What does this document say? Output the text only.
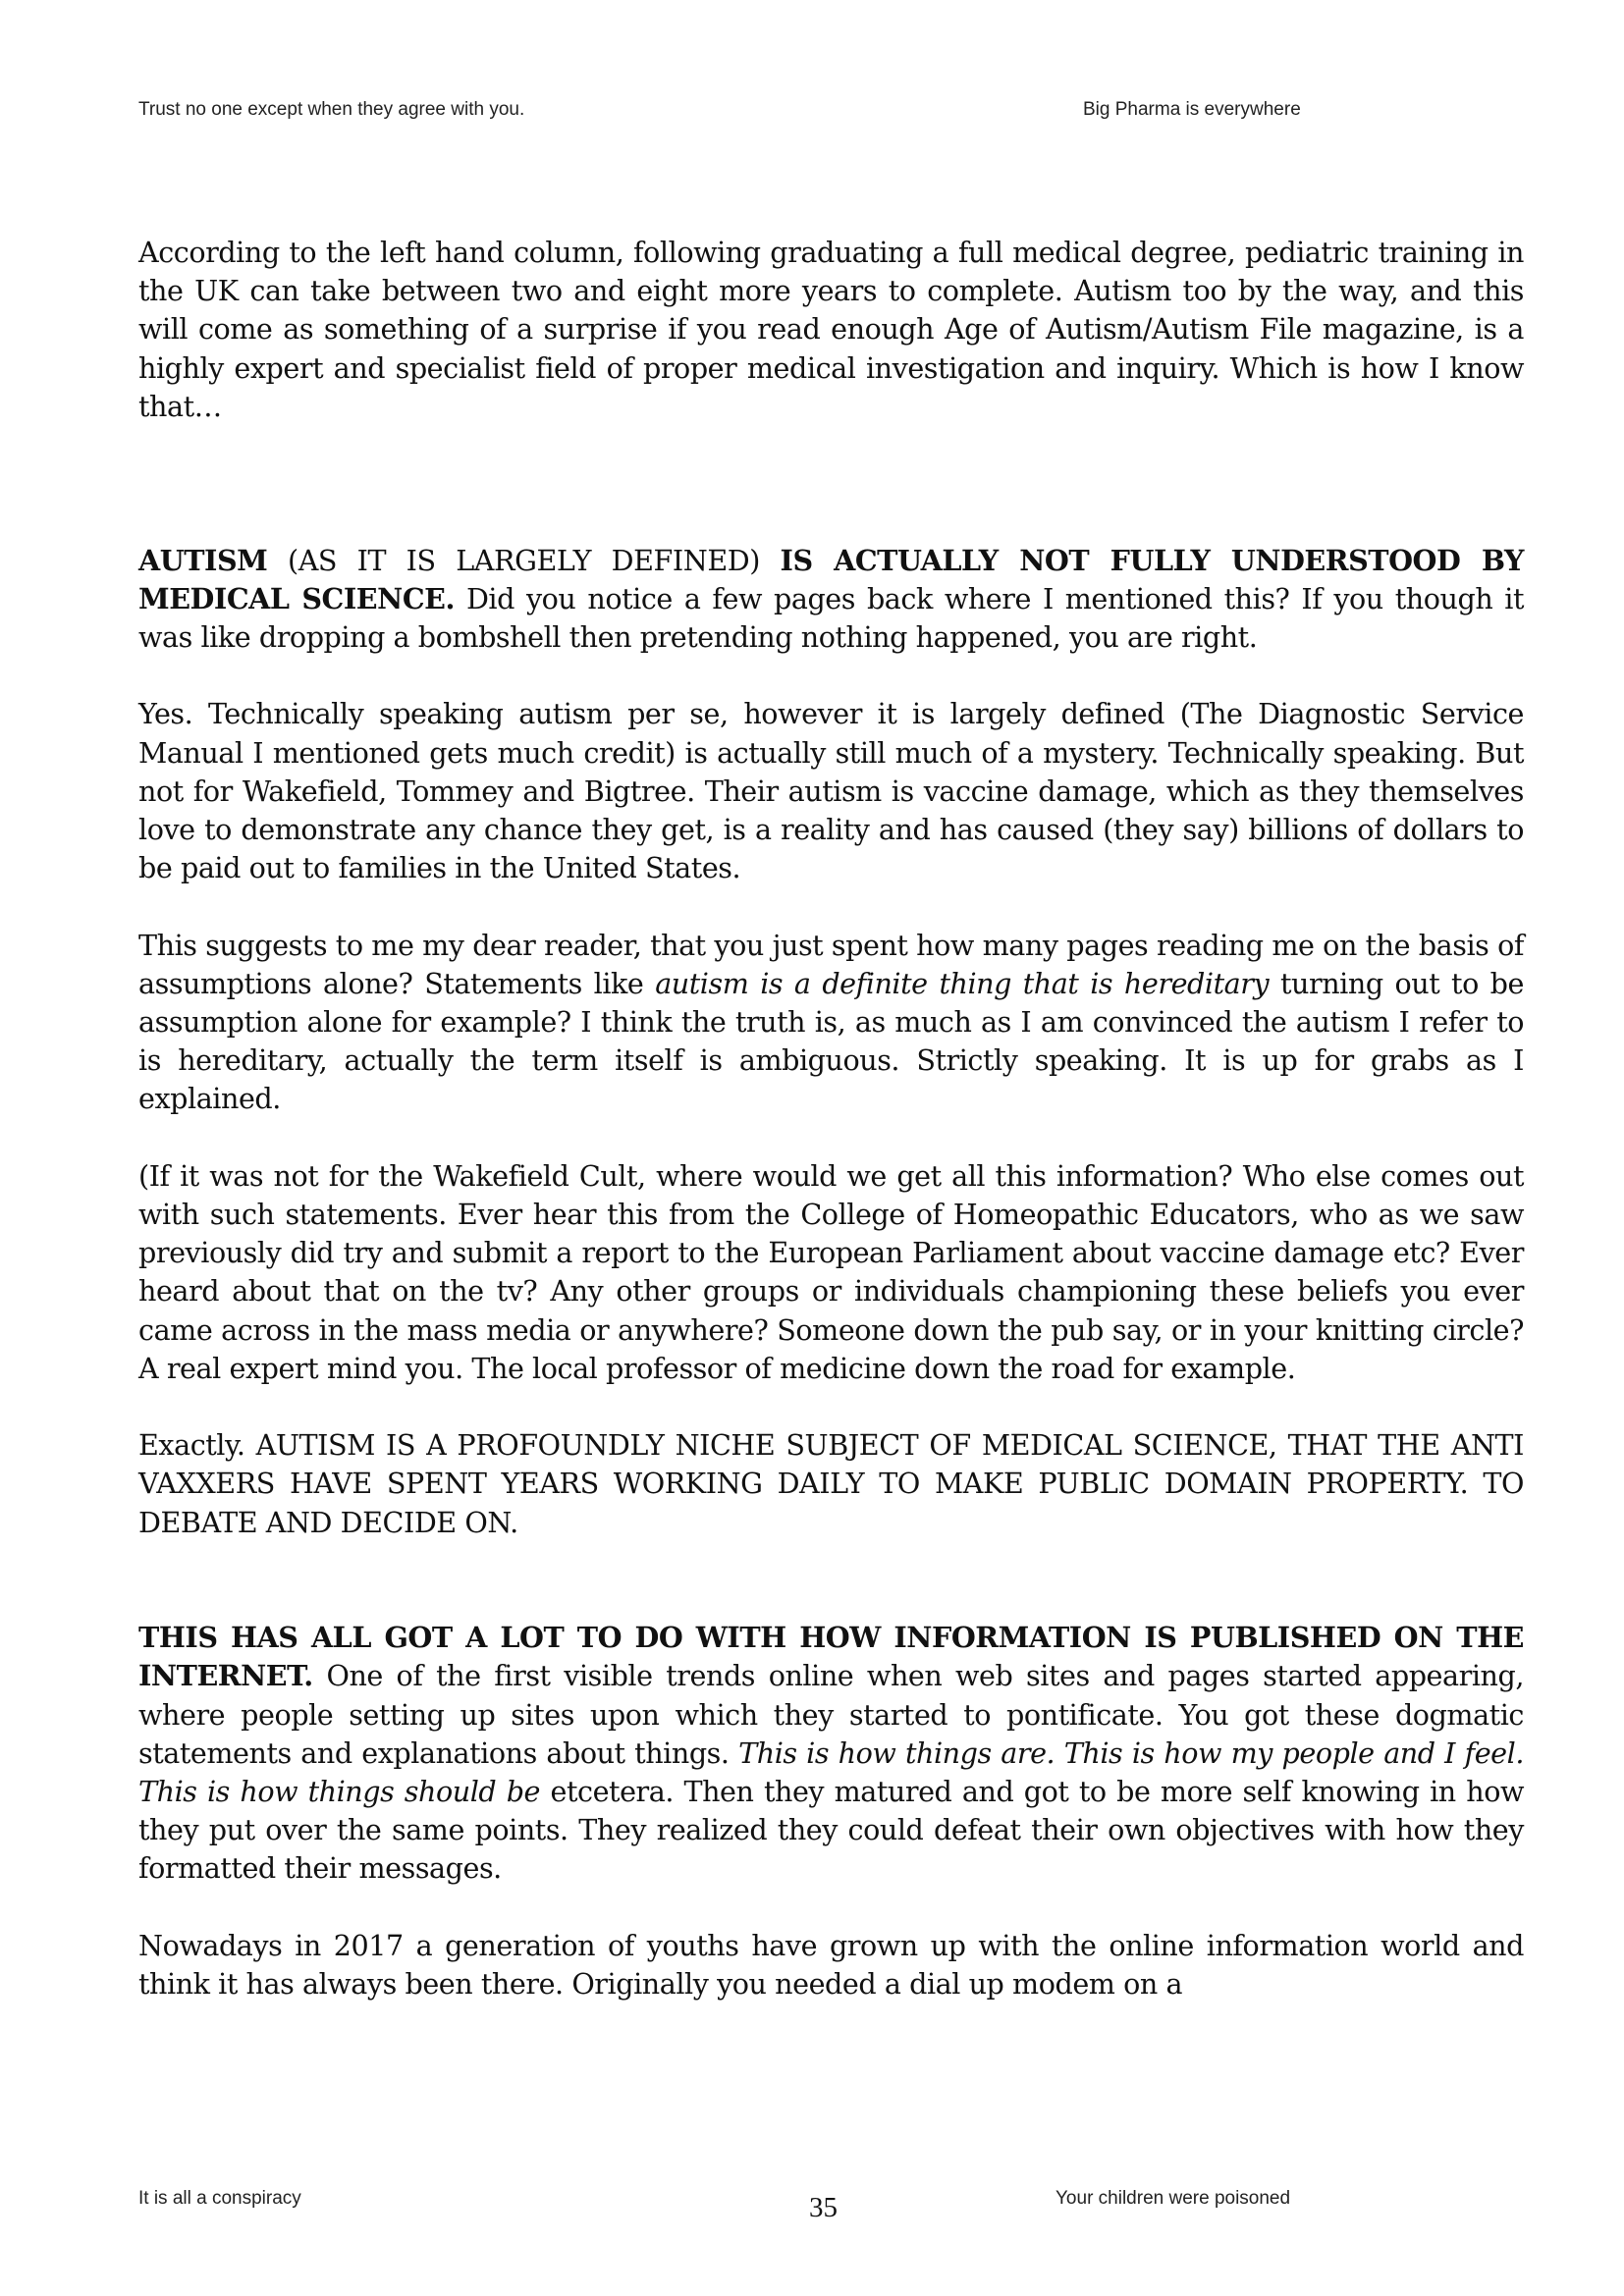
Trust no one except when they agree with you.	Big Pharma is everywhere

According to the left hand column, following graduating a full medical degree, pediatric training in the UK can take between two and eight more years to complete. Autism too by the way, and this will come as something of a surprise if you read enough Age of Autism/Autism File magazine, is a highly expert and specialist field of proper medical investigation and inquiry. Which is how I know that…

AUTISM (AS IT IS LARGELY DEFINED) IS ACTUALLY NOT FULLY UNDERSTOOD BY MEDICAL SCIENCE. Did you notice a few pages back where I mentioned this? If you though it was like dropping a bombshell then pretending nothing happened, you are right.

Yes. Technically speaking autism per se, however it is largely defined (The Diagnostic Service Manual I mentioned gets much credit) is actually still much of a mystery. Technically speaking. But not for Wakefield, Tommey and Bigtree. Their autism is vaccine damage, which as they themselves love to demonstrate any chance they get, is a reality and has caused (they say) billions of dollars to be paid out to families in the United States.

This suggests to me my dear reader, that you just spent how many pages reading me on the basis of assumptions alone? Statements like autism is a definite thing that is hereditary turning out to be assumption alone for example? I think the truth is, as much as I am convinced the autism I refer to is hereditary, actually the term itself is ambiguous. Strictly speaking. It is up for grabs as I explained.

(If it was not for the Wakefield Cult, where would we get all this information? Who else comes out with such statements. Ever hear this from the College of Homeopathic Educators, who as we saw previously did try and submit a report to the European Parliament about vaccine damage etc? Ever heard about that on the tv? Any other groups or individuals championing these beliefs you ever came across in the mass media or anywhere? Someone down the pub say, or in your knitting circle? A real expert mind you. The local professor of medicine down the road for example.

Exactly. AUTISM IS A PROFOUNDLY NICHE SUBJECT OF MEDICAL SCIENCE, THAT THE ANTI VAXXERS HAVE SPENT YEARS WORKING DAILY TO MAKE PUBLIC DOMAIN PROPERTY. TO DEBATE AND DECIDE ON.

THIS HAS ALL GOT A LOT TO DO WITH HOW INFORMATION IS PUBLISHED ON THE INTERNET. One of the first visible trends online when web sites and pages started appearing, where people setting up sites upon which they started to pontificate. You got these dogmatic statements and explanations about things. This is how things are. This is how my people and I feel. This is how things should be etcetera. Then they matured and got to be more self knowing in how they put over the same points. They realized they could defeat their own objectives with how they formatted their messages.

Nowadays in 2017 a generation of youths have grown up with the online information world and think it has always been there. Originally you needed a dial up modem on a

It is all a conspiracy	35	Your children were poisoned
